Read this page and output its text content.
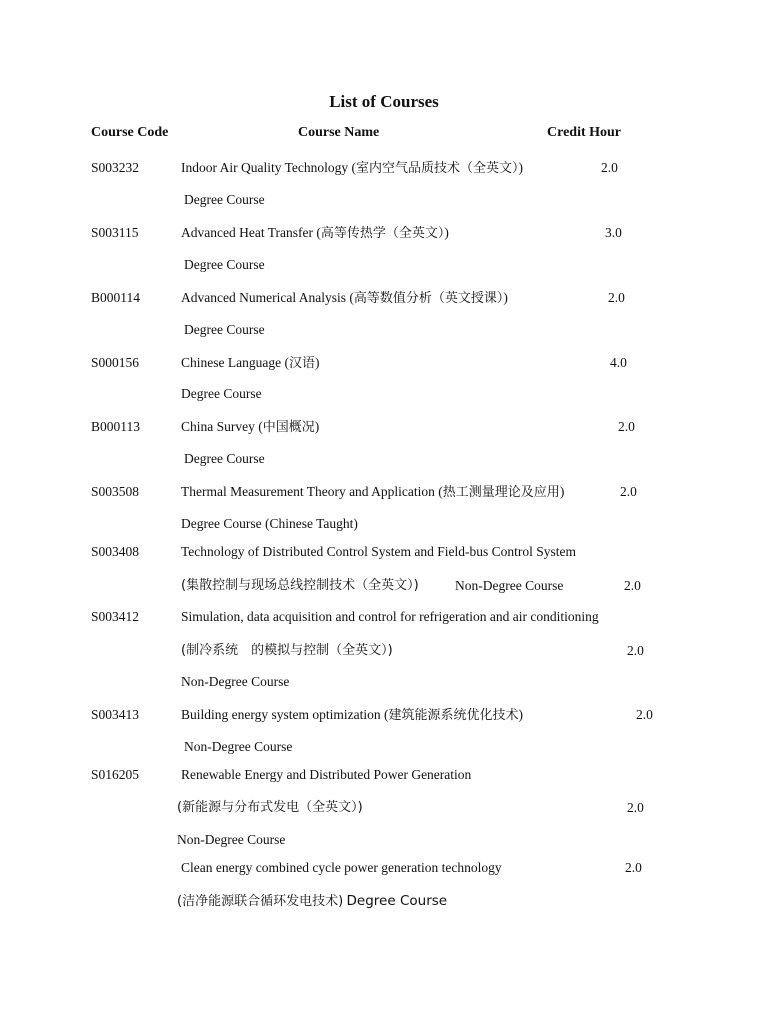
List of Courses
Course Code	Course Name	Credit Hour
S003232	Indoor Air Quality Technology (室内空气品质技术（全英文）)	2.0
Degree Course
S003115	Advanced Heat Transfer (高等传热学（全英文）)	3.0
Degree Course
B000114	Advanced Numerical Analysis (高等数值分析（英文授课）)	2.0
Degree Course
S000156	Chinese Language (汉语)	4.0
Degree Course
B000113	China Survey (中国概况)	2.0
Degree Course
S003508	Thermal Measurement Theory and Application (热工测量理论及应用)	2.0
Degree Course (Chinese Taught)
S003408	Technology of Distributed Control System and Field-bus Control System
(集散控制与现场总线控制技术（全英文）)	Non-Degree Course	2.0
S003412	Simulation, data acquisition and control for refrigeration and air conditioning
(制冷系统　的模拟与控制（全英文）)	2.0
Non-Degree Course
S003413	Building energy system optimization (建筑能源系统优化技术)	2.0
Non-Degree Course
S016205	Renewable Energy and Distributed Power Generation
(新能源与分布式发电（全英文）)	2.0
Non-Degree Course
Clean energy combined cycle power generation technology	2.0
(洁净能源联合循环发电技术) Degree Course
